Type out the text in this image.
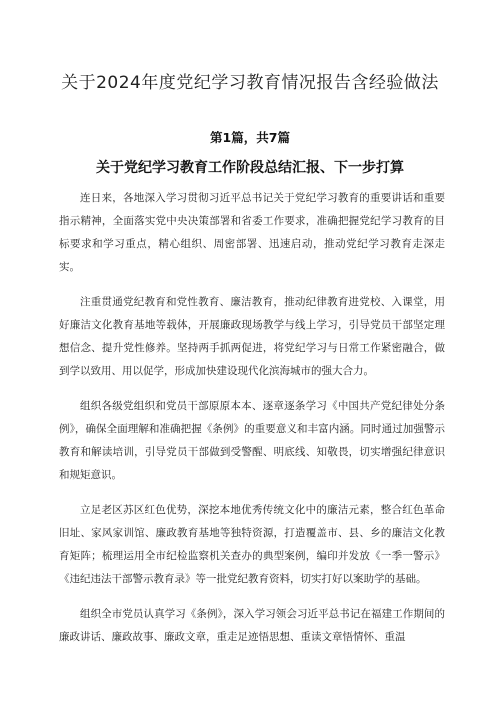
关于2024年度党纪学习教育情况报告含经验做法
第1篇，共7篇
关于党纪学习教育工作阶段总结汇报、下一步打算

连日来，各地深入学习贯彻习近平总书记关于党纪学习教育的重要讲话和重要指示精神，全面落实党中央决策部署和省委工作要求，准确把握党纪学习教育的目标要求和学习重点，精心组织、周密部署、迅速启动，推动党纪学习教育走深走实。

注重贯通党纪教育和党性教育、廉洁教育，推动纪律教育进党校、入课堂，用好廉洁文化教育基地等载体，开展廉政现场教学与线上学习，引导党员干部坚定理想信念、提升党性修养。坚持两手抓两促进，将党纪学习与日常工作紧密融合，做到学以致用、用以促学，形成加快建设现代化滨海城市的强大合力。

组织各级党组织和党员干部原原本本、逐章逐条学习《中国共产党纪律处分条例》，确保全面理解和准确把握《条例》的重要意义和丰富内涵。同时通过加强警示教育和解读培训，引导党员干部做到受警醒、明底线、知敬畏，切实增强纪律意识和规矩意识。

立足老区苏区红色优势，深挖本地优秀传统文化中的廉洁元素，整合红色革命旧址、家风家训馆、廉政教育基地等独特资源，打造覆盖市、县、乡的廉洁文化教育矩阵；梳理运用全市纪检监察机关查办的典型案例，编印并发放《一季一警示》《违纪违法干部警示教育录》等一批党纪教育资料，切实打好以案助学的基础。

组织全市党员认真学习《条例》，深入学习领会习近平总书记在福建工作期间的廉政讲话、廉政故事、廉政文章，重走足迹悟思想、重读文章悟情怀、重温
